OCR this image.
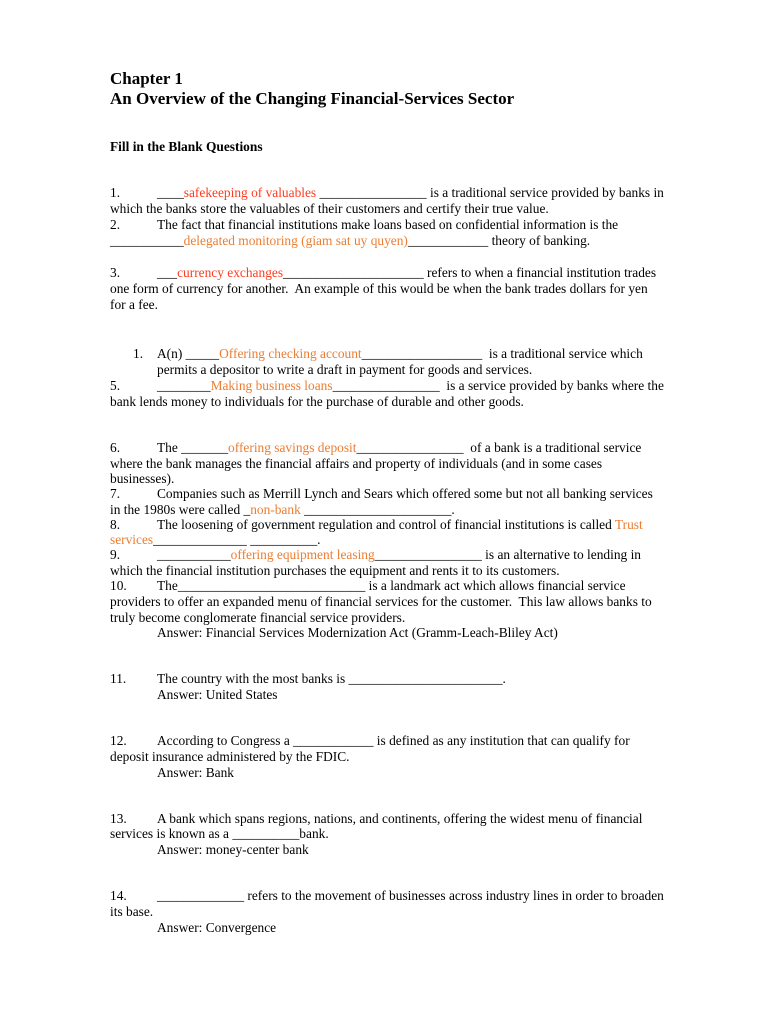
Chapter 1
An Overview of the Changing Financial-Services Sector
Fill in the Blank Questions
1.	____safekeeping of valuables ________________ is a traditional service provided by banks in
which the banks store the valuables of their customers and certify their true value.
2.	The fact that financial institutions make loans based on confidential information is the
___________delegated monitoring (giam sat uy quyen)____________ theory of banking.
3.	___currency exchanges_____________________ refers to when a financial institution trades
one form of currency for another.  An example of this would be when the bank trades dollars for yen
for a fee.
1. A(n) _____Offering checking account__________________  is a traditional service which
permits a depositor to write a draft in payment for goods and services.
5.	________Making business loans________________  is a service provided by banks where the
bank lends money to individuals for the purchase of durable and other goods.
6.	The _______offering savings deposit________________  of a bank is a traditional service
where the bank manages the financial affairs and property of individuals (and in some cases
businesses).
7.	Companies such as Merrill Lynch and Sears which offered some but not all banking services
in the 1980s were called _non-bank ______________________.
8.	The loosening of government regulation and control of financial institutions is called Trust
services______________ __________.
9.	___________offering equipment leasing________________ is an alternative to lending in
which the financial institution purchases the equipment and rents it to its customers.
10. The____________________________ is a landmark act which allows financial service
providers to offer an expanded menu of financial services for the customer.  This law allows banks to
truly become conglomerate financial service providers.
Answer: Financial Services Modernization Act (Gramm-Leach-Bliley Act)
11. The country with the most banks is _______________________.
Answer: United States
12. According to Congress a ____________ is defined as any institution that can qualify for
deposit insurance administered by the FDIC.
Answer: Bank
13. A bank which spans regions, nations, and continents, offering the widest menu of financial
services is known as a __________bank.
Answer: money-center bank
14. _____________ refers to the movement of businesses across industry lines in order to broaden
its base.
Answer: Convergence
